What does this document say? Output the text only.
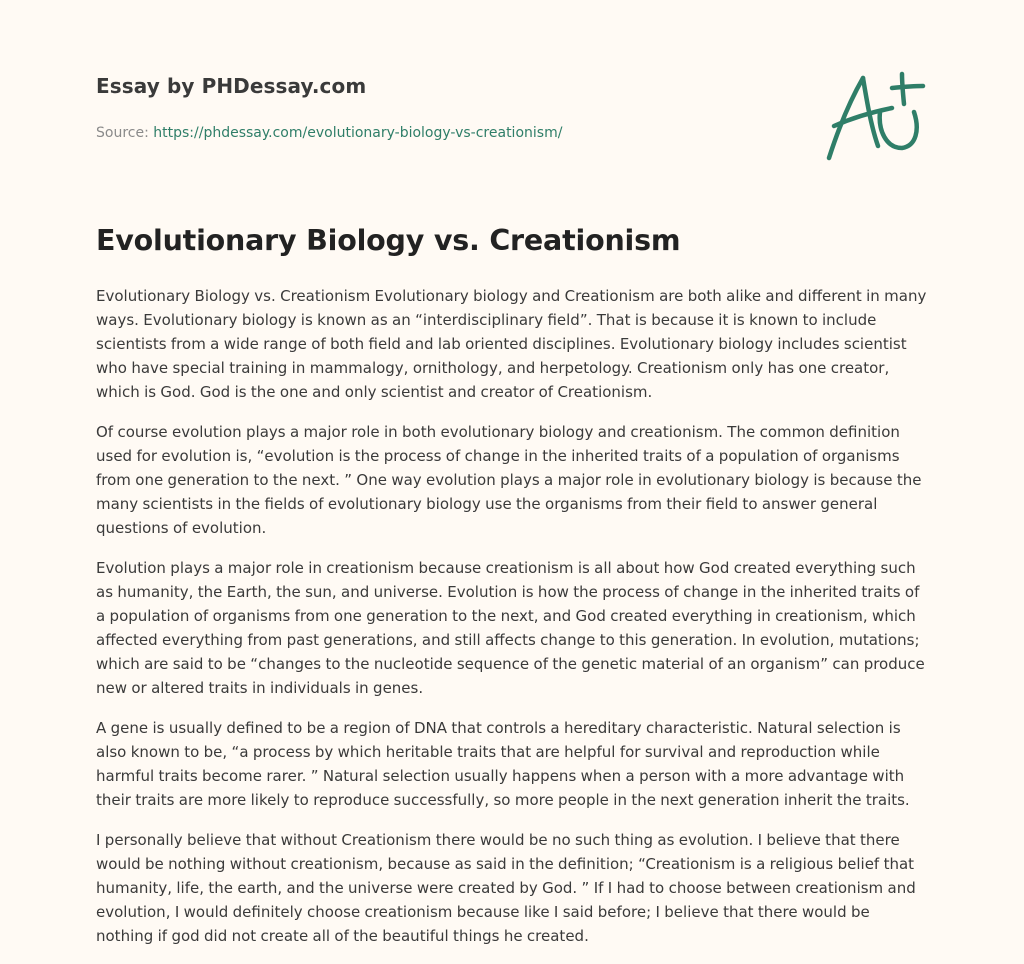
Essay by PHDessay.com
Source: https://phdessay.com/evolutionary-biology-vs-creationism/
Evolutionary Biology vs. Creationism

Evolutionary Biology vs. Creationism Evolutionary biology and Creationism are both alike and different in many ways. Evolutionary biology is known as an “interdisciplinary field”. That is because it is known to include scientists from a wide range of both field and lab oriented disciplines. Evolutionary biology includes scientist who have special training in mammalogy, ornithology, and herpetology. Creationism only has one creator, which is God. God is the one and only scientist and creator of Creationism.

Of course evolution plays a major role in both evolutionary biology and creationism. The common definition used for evolution is, “evolution is the process of change in the inherited traits of a population of organisms from one generation to the next. ” One way evolution plays a major role in evolutionary biology is because the many scientists in the fields of evolutionary biology use the organisms from their field to answer general questions of evolution.

Evolution plays a major role in creationism because creationism is all about how God created everything such as humanity, the Earth, the sun, and universe. Evolution is how the process of change in the inherited traits of a population of organisms from one generation to the next, and God created everything in creationism, which affected everything from past generations, and still affects change to this generation. In evolution, mutations; which are said to be “changes to the nucleotide sequence of the genetic material of an organism” can produce new or altered traits in individuals in genes.

A gene is usually defined to be a region of DNA that controls a hereditary characteristic. Natural selection is also known to be, “a process by which heritable traits that are helpful for survival and reproduction while harmful traits become rarer. ” Natural selection usually happens when a person with a more advantage with their traits are more likely to reproduce successfully, so more people in the next generation inherit the traits.

I personally believe that without Creationism there would be no such thing as evolution. I believe that there would be nothing without creationism, because as said in the definition; “Creationism is a religious belief that humanity, life, the earth, and the universe were created by God. ” If I had to choose between creationism and evolution, I would definitely choose creationism because like I said before; I believe that there would be nothing if god did not create all of the beautiful things he created.
